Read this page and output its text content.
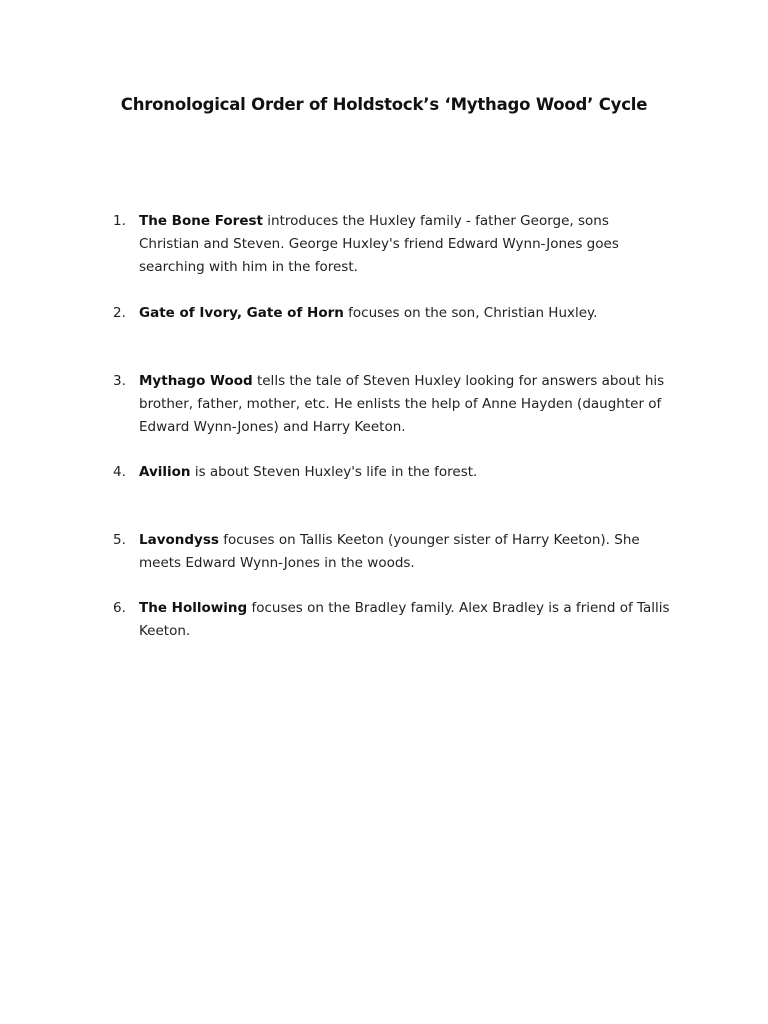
Chronological Order of Holdstock’s ‘Mythago Wood’ Cycle
1. The Bone Forest introduces the Huxley family - father George, sons Christian and Steven. George Huxley's friend Edward Wynn-Jones goes searching with him in the forest.
2. Gate of Ivory, Gate of Horn focuses on the son, Christian Huxley.
3. Mythago Wood tells the tale of Steven Huxley looking for answers about his brother, father, mother, etc. He enlists the help of Anne Hayden (daughter of Edward Wynn-Jones) and Harry Keeton.
4. Avilion is about Steven Huxley's life in the forest.
5. Lavondyss focuses on Tallis Keeton (younger sister of Harry Keeton). She meets Edward Wynn-Jones in the woods.
6. The Hollowing focuses on the Bradley family. Alex Bradley is a friend of Tallis Keeton.
